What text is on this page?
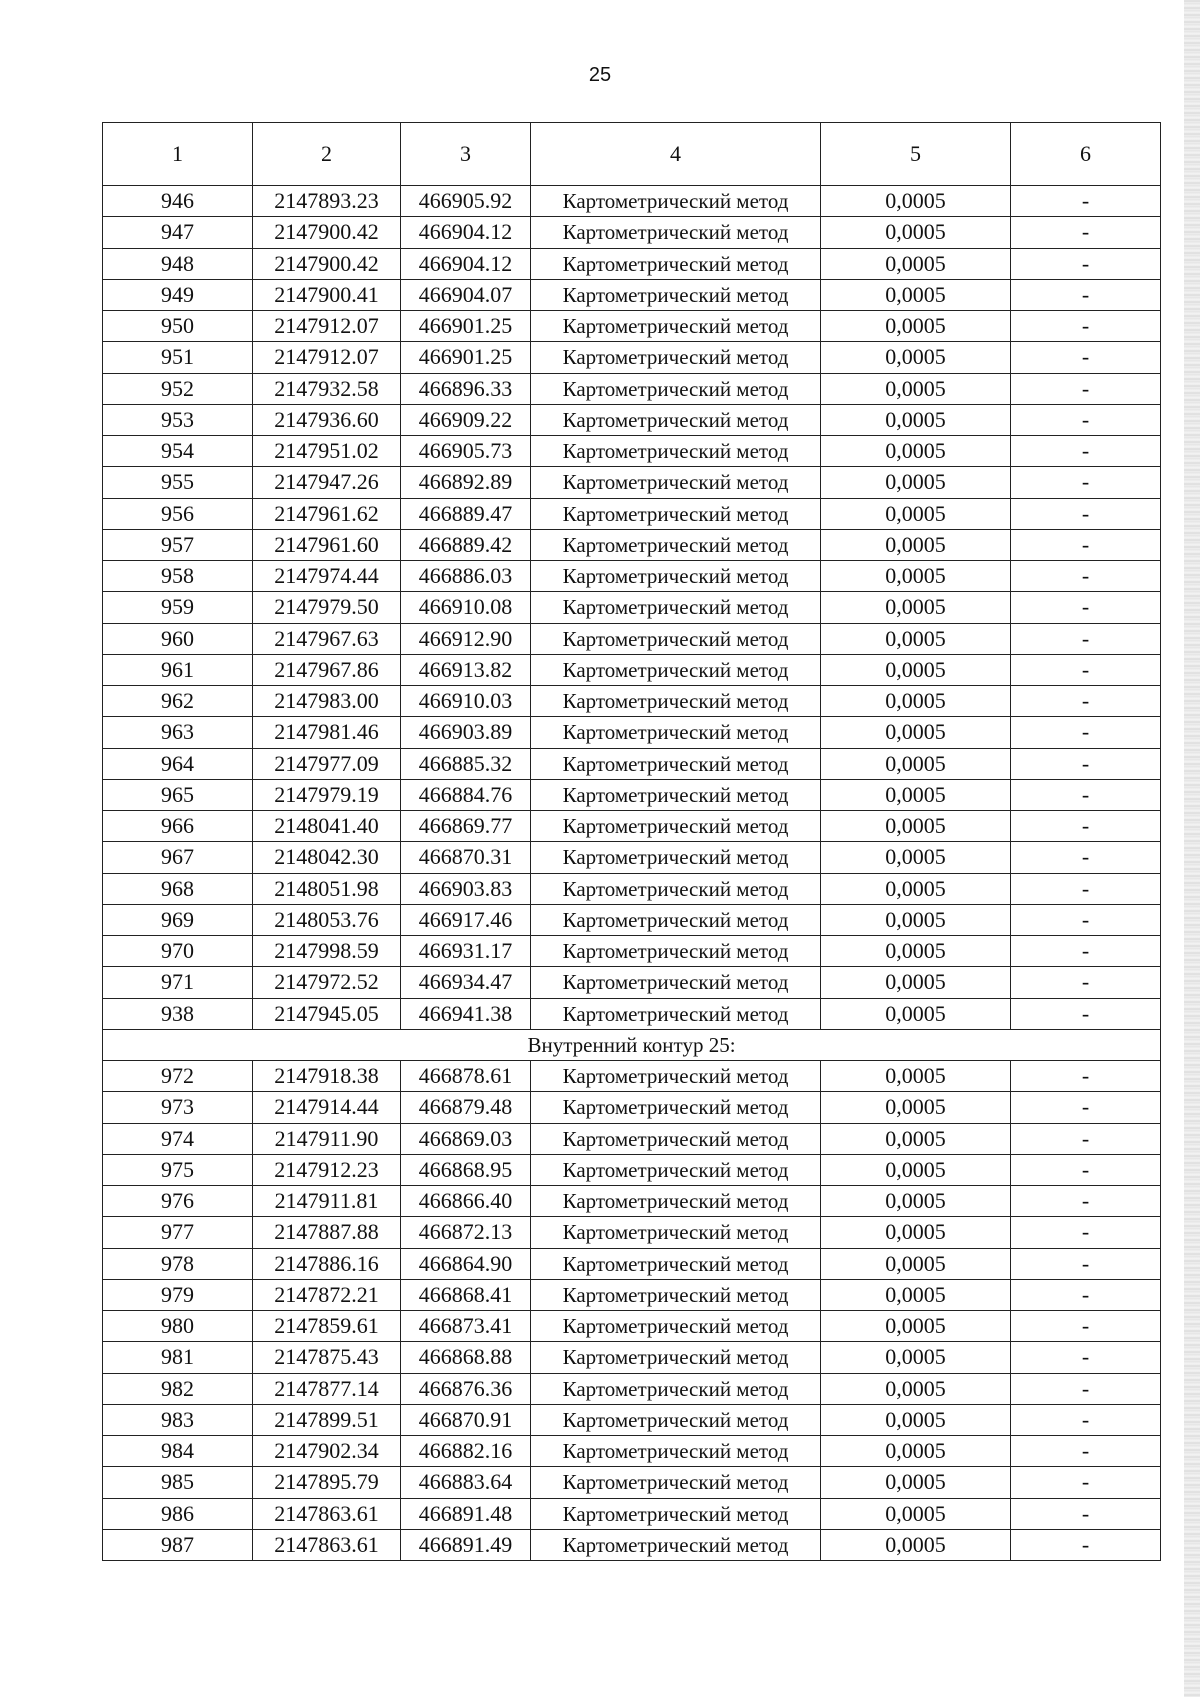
25
1	2	3	4	5	6
946	2147893.23	466905.92	Картометрический метод	0,0005	-
947	2147900.42	466904.12	Картометрический метод	0,0005	-
948	2147900.42	466904.12	Картометрический метод	0,0005	-
949	2147900.41	466904.07	Картометрический метод	0,0005	-
950	2147912.07	466901.25	Картометрический метод	0,0005	-
951	2147912.07	466901.25	Картометрический метод	0,0005	-
952	2147932.58	466896.33	Картометрический метод	0,0005	-
953	2147936.60	466909.22	Картометрический метод	0,0005	-
954	2147951.02	466905.73	Картометрический метод	0,0005	-
955	2147947.26	466892.89	Картометрический метод	0,0005	-
956	2147961.62	466889.47	Картометрический метод	0,0005	-
957	2147961.60	466889.42	Картометрический метод	0,0005	-
958	2147974.44	466886.03	Картометрический метод	0,0005	-
959	2147979.50	466910.08	Картометрический метод	0,0005	-
960	2147967.63	466912.90	Картометрический метод	0,0005	-
961	2147967.86	466913.82	Картометрический метод	0,0005	-
962	2147983.00	466910.03	Картометрический метод	0,0005	-
963	2147981.46	466903.89	Картометрический метод	0,0005	-
964	2147977.09	466885.32	Картометрический метод	0,0005	-
965	2147979.19	466884.76	Картометрический метод	0,0005	-
966	2148041.40	466869.77	Картометрический метод	0,0005	-
967	2148042.30	466870.31	Картометрический метод	0,0005	-
968	2148051.98	466903.83	Картометрический метод	0,0005	-
969	2148053.76	466917.46	Картометрический метод	0,0005	-
970	2147998.59	466931.17	Картометрический метод	0,0005	-
971	2147972.52	466934.47	Картометрический метод	0,0005	-
938	2147945.05	466941.38	Картометрический метод	0,0005	-
Внутренний контур 25:					
972	2147918.38	466878.61	Картометрический метод	0,0005	-
973	2147914.44	466879.48	Картометрический метод	0,0005	-
974	2147911.90	466869.03	Картометрический метод	0,0005	-
975	2147912.23	466868.95	Картометрический метод	0,0005	-
976	2147911.81	466866.40	Картометрический метод	0,0005	-
977	2147887.88	466872.13	Картометрический метод	0,0005	-
978	2147886.16	466864.90	Картометрический метод	0,0005	-
979	2147872.21	466868.41	Картометрический метод	0,0005	-
980	2147859.61	466873.41	Картометрический метод	0,0005	-
981	2147875.43	466868.88	Картометрический метод	0,0005	-
982	2147877.14	466876.36	Картометрический метод	0,0005	-
983	2147899.51	466870.91	Картометрический метод	0,0005	-
984	2147902.34	466882.16	Картометрический метод	0,0005	-
985	2147895.79	466883.64	Картометрический метод	0,0005	-
986	2147863.61	466891.48	Картометрический метод	0,0005	-
987	2147863.61	466891.49	Картометрический метод	0,0005	-
